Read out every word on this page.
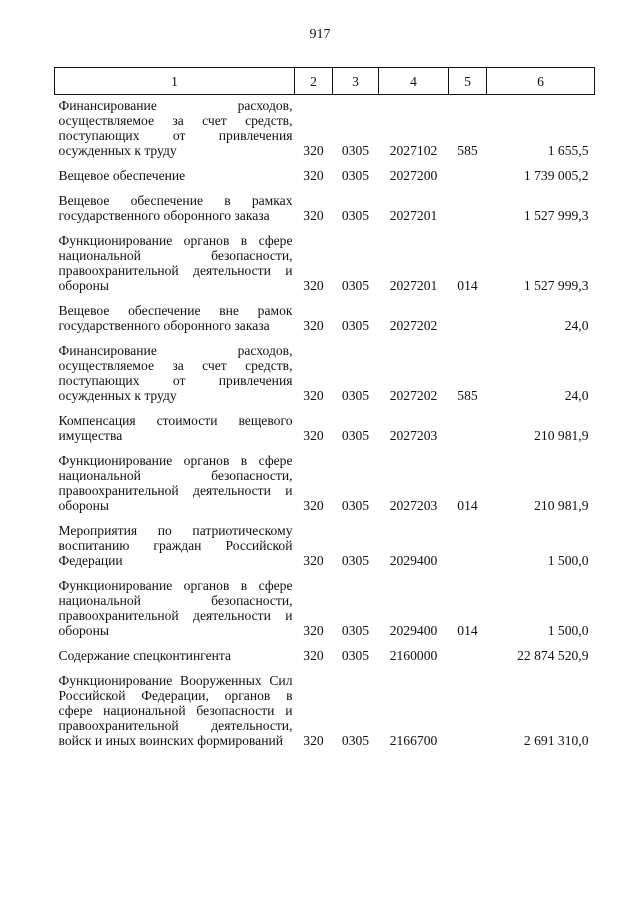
917
1	2	3	4	5	6
Финансирование расходов, осуществляемое за счет средств, поступающих от привлечения осужденных к труду	320	0305	2027102	585	1 655,5
Вещевое обеспечение	320	0305	2027200		1 739 005,2
Вещевое обеспечение в рамках государственного оборонного заказа	320	0305	2027201		1 527 999,3
Функционирование органов в сфере национальной безопасности, правоохранительной деятельности и обороны	320	0305	2027201	014	1 527 999,3
Вещевое обеспечение вне рамок государственного оборонного заказа	320	0305	2027202		24,0
Финансирование расходов, осуществляемое за счет средств, поступающих от привлечения осужденных к труду	320	0305	2027202	585	24,0
Компенсация стоимости вещевого имущества	320	0305	2027203		210 981,9
Функционирование органов в сфере национальной безопасности, правоохранительной деятельности и обороны	320	0305	2027203	014	210 981,9
Мероприятия по патриотическому воспитанию граждан Российской Федерации	320	0305	2029400		1 500,0
Функционирование органов в сфере национальной безопасности, правоохранительной деятельности и обороны	320	0305	2029400	014	1 500,0
Содержание спецконтингента	320	0305	2160000		22 874 520,9
Функционирование Вооруженных Сил Российской Федерации, органов в сфере национальной безопасности и правоохранительной деятельности, войск и иных воинских формирований	320	0305	2166700		2 691 310,0
